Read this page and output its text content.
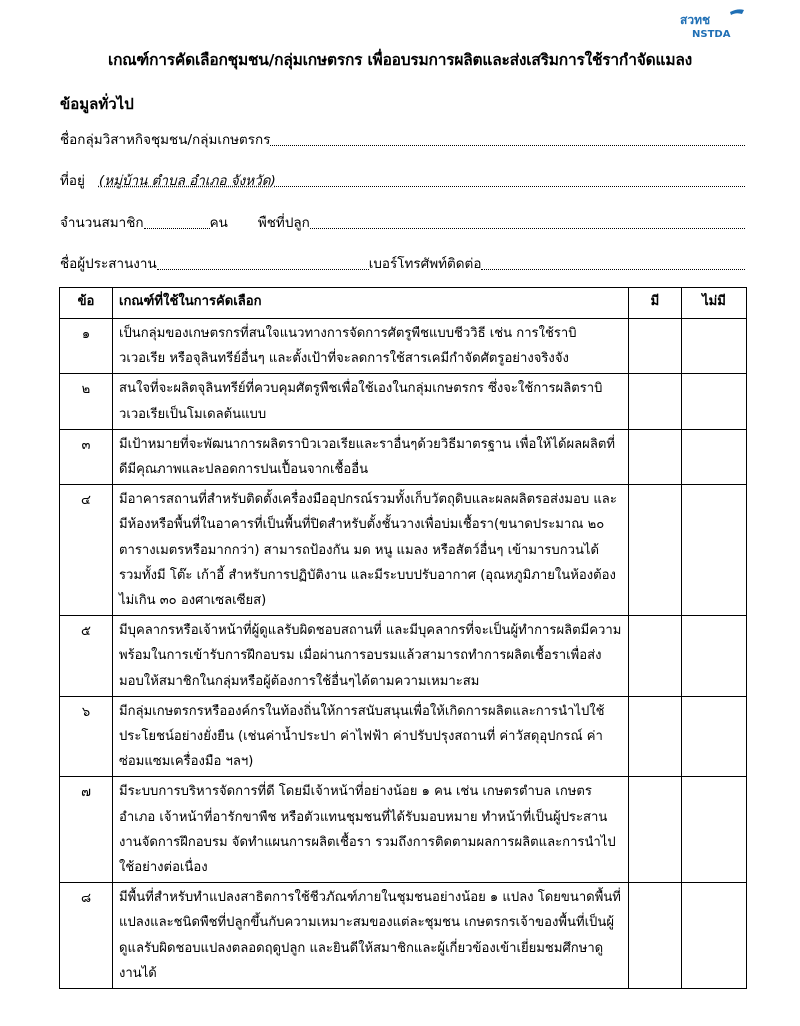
สวทช
NSTDA
เกณฑ์การคัดเลือกชุมชน/กลุ่มเกษตรกร เพื่ออบรมการผลิตและส่งเสริมการใช้รากำจัดแมลง
ข้อมูลทั่วไป
ชื่อกลุ่มวิสาหกิจชุมชน/กลุ่มเกษตรกร
ที่อยู่ (หมู่บ้าน ตำบล อำเภอ จังหวัด)
จำนวนสมาชิก	คน พืชที่ปลูก
ชื่อผู้ประสานงาน	เบอร์โทรศัพท์ติดต่อ
ข้อ	เกณฑ์ที่ใช้ในการคัดเลือก	มี	ไม่มี
๑	เป็นกลุ่มของเกษตรกรที่สนใจแนวทางการจัดการศัตรูพืชแบบชีววิธี เช่น การใช้ราบิวเวอเรีย หรือจุลินทรีย์อื่นๆ และตั้งเป้าที่จะลดการใช้สารเคมีกำจัดศัตรูอย่างจริงจัง		
๒	สนใจที่จะผลิตจุลินทรีย์ที่ควบคุมศัตรูพืชเพื่อใช้เองในกลุ่มเกษตรกร ซึ่งจะใช้การผลิตราบิวเวอเรียเป็นโมเดลต้นแบบ		
๓	มีเป้าหมายที่จะพัฒนาการผลิตราบิวเวอเรียและราอื่นๆด้วยวิธีมาตรฐาน เพื่อให้ได้ผลผลิตที่ดีมีคุณภาพและปลอดการปนเปื้อนจากเชื้ออื่น		
๔	มีอาคารสถานที่สำหรับติดตั้งเครื่องมืออุปกรณ์รวมทั้งเก็บวัตถุดิบและผลผลิตรอส่งมอบ และมีห้องหรือพื้นที่ในอาคารที่เป็นพื้นที่ปิดสำหรับตั้งชั้นวางเพื่อบ่มเชื้อรา(ขนาดประมาณ ๒๐ ตารางเมตรหรือมากกว่า) สามารถป้องกัน มด หนู แมลง หรือสัตว์อื่นๆ เข้ามารบกวนได้ รวมทั้งมี โต๊ะ เก้าอี้ สำหรับการปฏิบัติงาน และมีระบบปรับอากาศ (อุณหภูมิภายในห้องต้องไม่เกิน ๓๐ องศาเซลเซียส)		
๕	มีบุคลากรหรือเจ้าหน้าที่ผู้ดูแลรับผิดชอบสถานที่ และมีบุคลากรที่จะเป็นผู้ทำการผลิตมีความพร้อมในการเข้ารับการฝึกอบรม เมื่อผ่านการอบรมแล้วสามารถทำการผลิตเชื้อราเพื่อส่งมอบให้สมาชิกในกลุ่มหรือผู้ต้องการใช้อื่นๆได้ตามความเหมาะสม		
๖	มีกลุ่มเกษตรกรหรือองค์กรในท้องถิ่นให้การสนับสนุนเพื่อให้เกิดการผลิตและการนำไปใช้ประโยชน์อย่างยั่งยืน (เช่นค่าน้ำประปา ค่าไฟฟ้า ค่าปรับปรุงสถานที่ ค่าวัสดุอุปกรณ์ ค่าซ่อมแซมเครื่องมือ ฯลฯ)		
๗	มีระบบการบริหารจัดการที่ดี โดยมีเจ้าหน้าที่อย่างน้อย ๑ คน เช่น เกษตรตำบล เกษตรอำเภอ เจ้าหน้าที่อารักขาพืช หรือตัวแทนชุมชนที่ได้รับมอบหมาย ทำหน้าที่เป็นผู้ประสานงานจัดการฝึกอบรม จัดทำแผนการผลิตเชื้อรา รวมถึงการติดตามผลการผลิตและการนำไปใช้อย่างต่อเนื่อง		
๘	มีพื้นที่สำหรับทำแปลงสาธิตการใช้ชีวภัณฑ์ภายในชุมชนอย่างน้อย ๑ แปลง โดยขนาดพื้นที่แปลงและชนิดพืชที่ปลูกขึ้นกับความเหมาะสมของแต่ละชุมชน เกษตรกรเจ้าของพื้นที่เป็นผู้ดูแลรับผิดชอบแปลงตลอดฤดูปลูก และยินดีให้สมาชิกและผู้เกี่ยวข้องเข้าเยี่ยมชมศึกษาดูงานได้		
